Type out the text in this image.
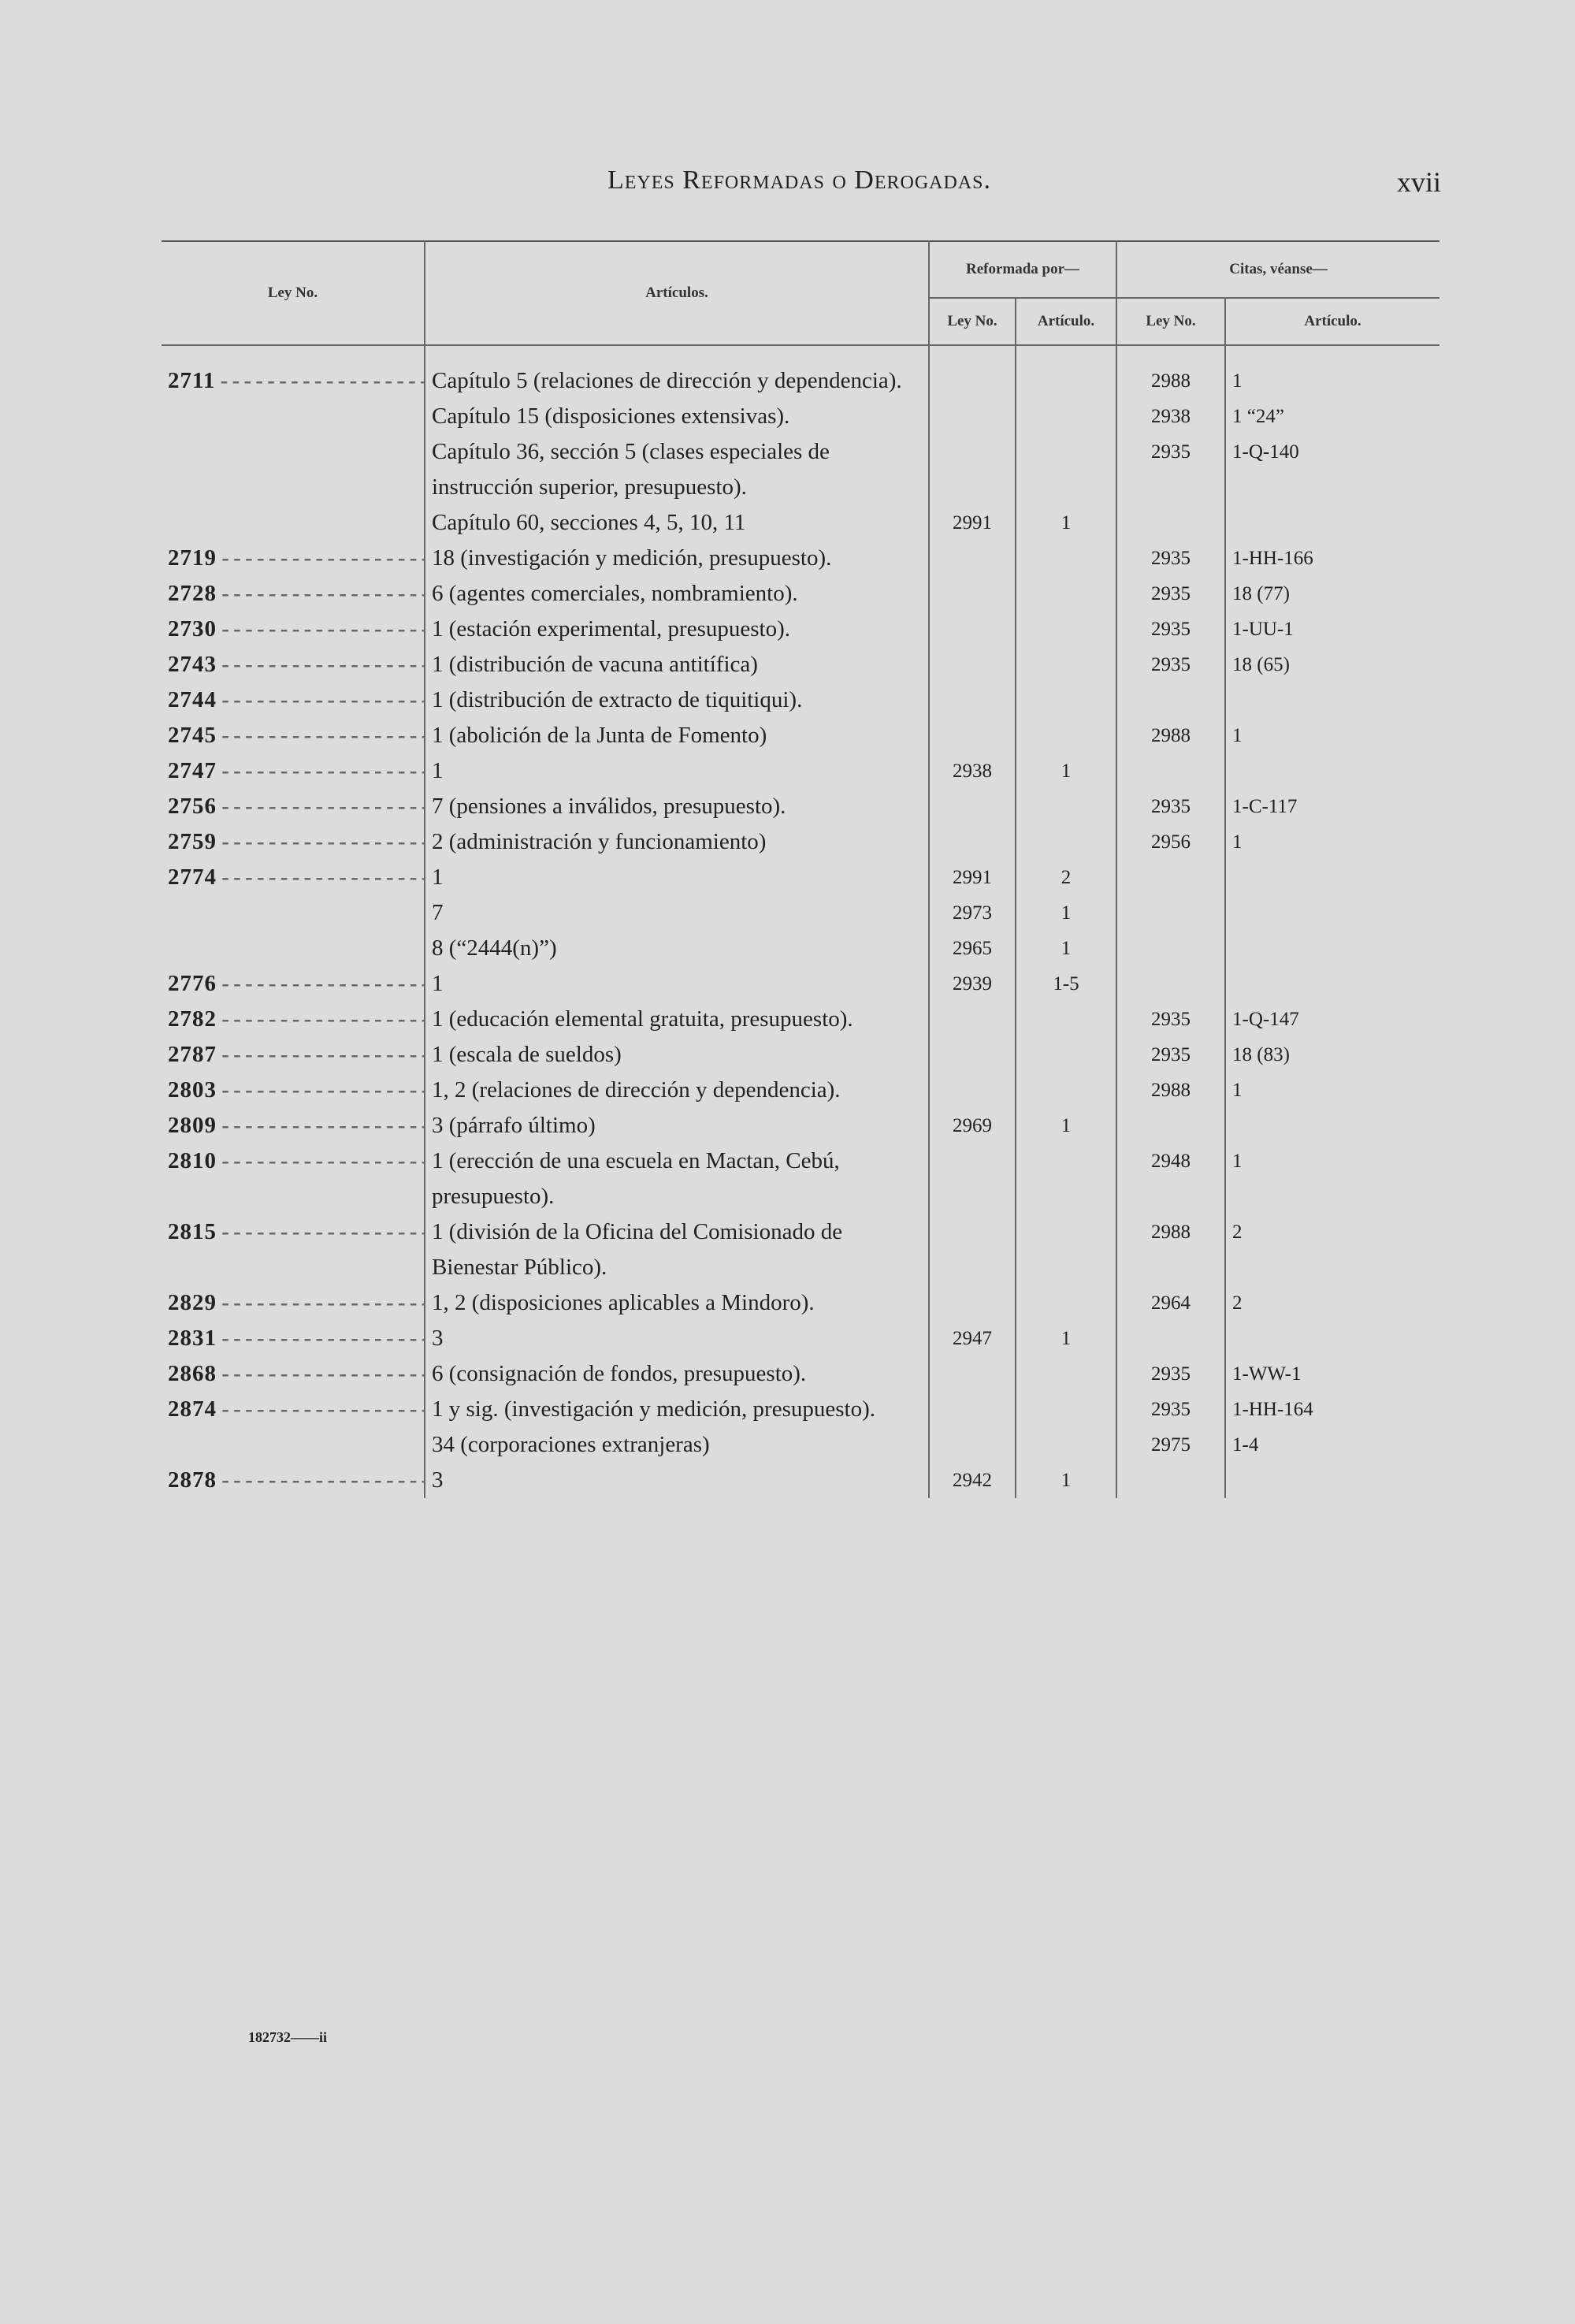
Leyes Reformadas o Derogadas.	xvii
Ley No.	Artículos.	Reformada por—		Citas, véanse—	
		Ley No.	Artículo.	Ley No.	Artículo.
2711 - - -	Capítulo 5 (relaciones de dirección y dependencia).			2988	1
	Capítulo 15 (disposiciones extensivas).			2938	1 “24”
	Capítulo 36, sección 5 (clases especiales de instrucción superior, presupuesto).			2935	1-Q-140
	Capítulo 60, secciones 4, 5, 10, 11	2991	1		
2719 - - -	18 (investigación y medición, presupuesto).			2935	1-HH-166
2728 - - -	6 (agentes comerciales, nombramiento).			2935	18 (77)
2730 - - -	1 (estación experimental, presupuesto).			2935	1-UU-1
2743 - - -	1 (distribución de vacuna antitífica)			2935	18 (65)
2744 - - -	1 (distribución de extracto de tiquitiqui).				
2745 - - -	1 (abolición de la Junta de Fomento)			2988	1
2747 - - -	1	2938	1		
2756 - - -	7 (pensiones a inválidos, presupuesto).			2935	1-C-117
2759 - - -	2 (administración y funcionamiento)			2956	1
2774 - - -	1	2991	2		
	7	2973	1		
	8 (“2444(n)”)	2965	1		
2776 - - -	1	2939	1-5		
2782 - - -	1 (educación elemental gratuita, presupuesto).			2935	1-Q-147
2787 - - -	1 (escala de sueldos)			2935	18 (83)
2803 - - -	1, 2 (relaciones de dirección y dependencia).			2988	1
2809 - - -	3 (párrafo último)	2969	1		
2810 - - -	1 (erección de una escuela en Mactan, Cebú, presupuesto).			2948	1
2815 - - -	1 (división de la Oficina del Comisionado de Bienestar Público).			2988	2
2829 - - -	1, 2 (disposiciones aplicables a Mindoro).			2964	2
2831 - - -	3	2947	1		
2868 - - -	6 (consignación de fondos, presupuesto).			2935	1-WW-1
2874 - - -	1 y sig. (investigación y medición, presupuesto).			2935	1-HH-164
	34 (corporaciones extranjeras)			2975	1-4
2878 - - -	3	2942	1		
182732——ii
